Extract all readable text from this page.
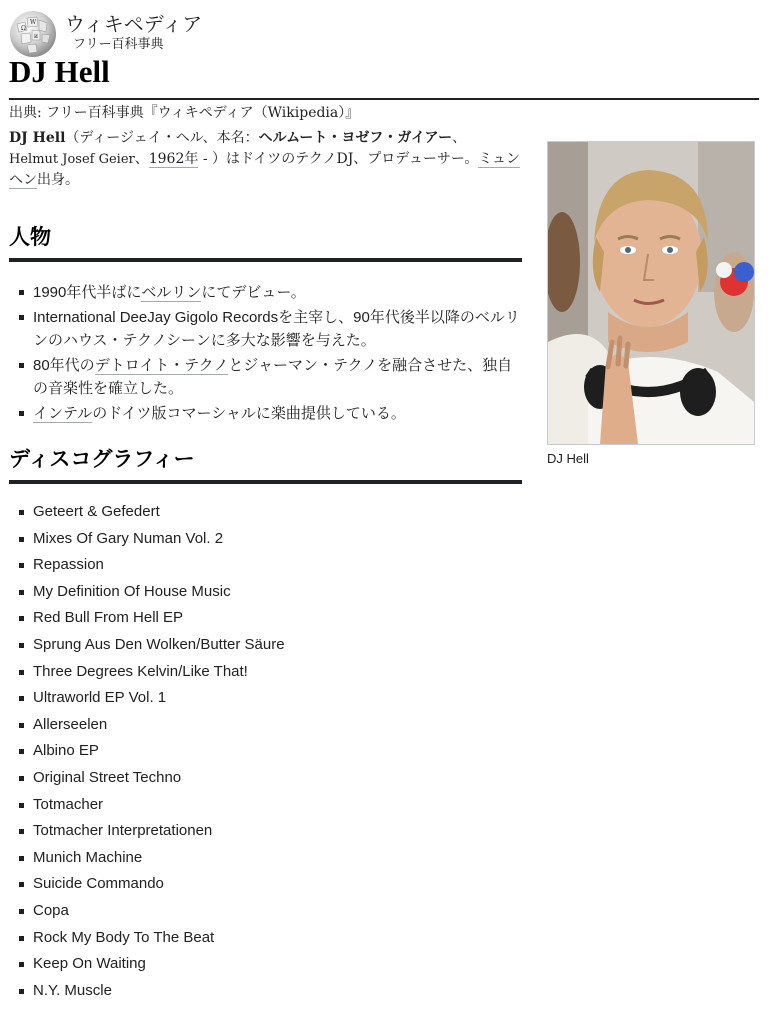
Ω
W
и
ウィキペディア
フリー百科事典
DJ Hell
出典: フリー百科事典『ウィキペディア（Wikipedia）』
DJ Hell（ディージェイ・ヘル、本名：ヘルムート・ヨゼフ・ガイアー、
Helmut Josef Geier、1962年 - ）はドイツのテクノDJ、プロデューサー。ミュンヘン出身。
DJ Hell
人物
1990年代半ばにベルリンにてデビュー。
International DeeJay Gigolo Recordsを主宰し、90年代後半以降のベルリンのハウス・テクノシーンに多大な影響を与えた。
80年代のデトロイト・テクノとジャーマン・テクノを融合させた、独自の音楽性を確立した。
インテルのドイツ版コマーシャルに楽曲提供している。
ディスコグラフィー
Geteert & Gefedert
Mixes Of Gary Numan Vol. 2
Repassion
My Definition Of House Music
Red Bull From Hell EP
Sprung Aus Den Wolken/Butter Säure
Three Degrees Kelvin/Like That!
Ultraworld EP Vol. 1
Allerseelen
Albino EP
Original Street Techno
Totmacher
Totmacher Interpretationen
Munich Machine
Suicide Commando
Copa
Rock My Body To The Beat
Keep On Waiting
N.Y. Muscle
